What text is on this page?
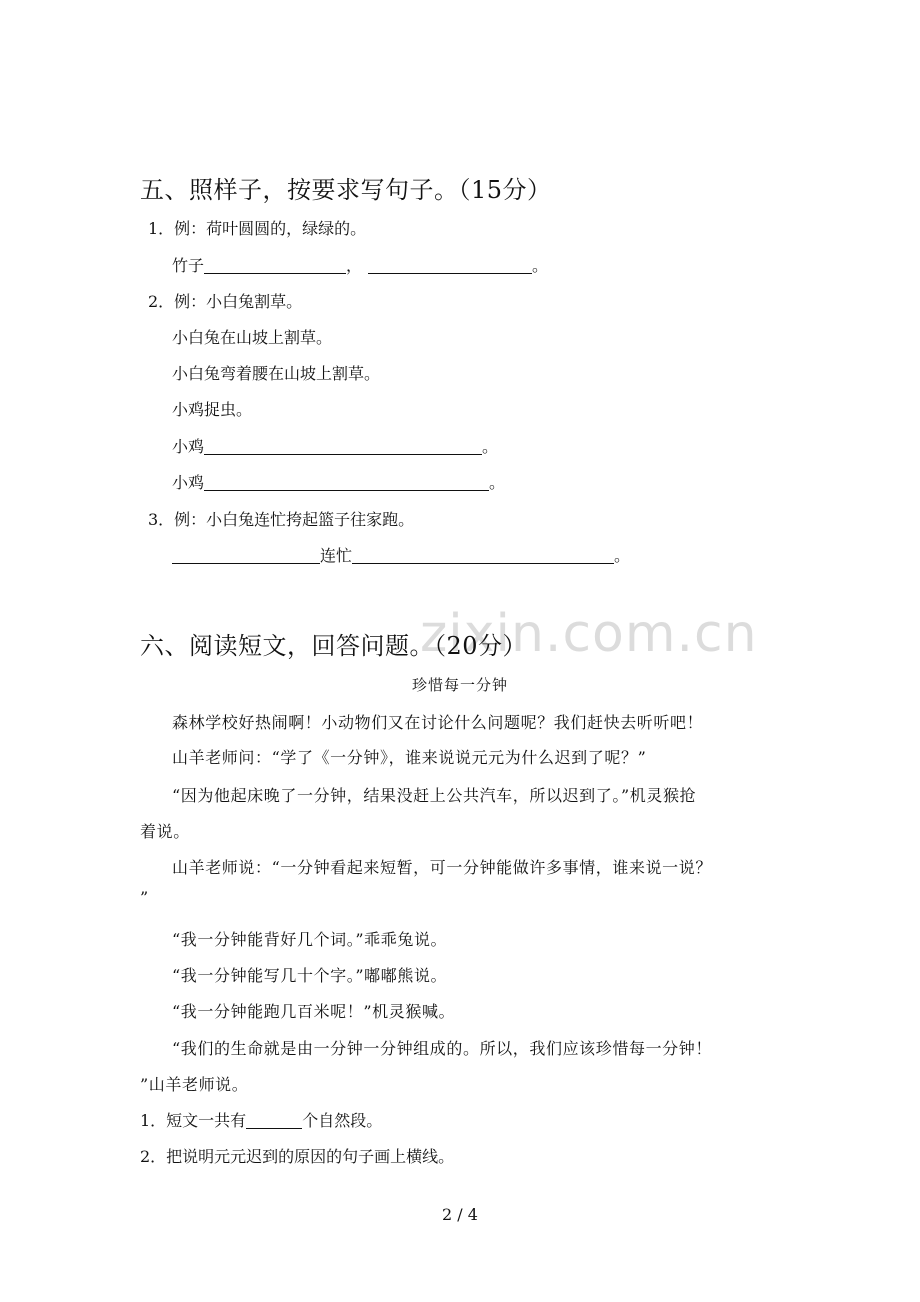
五、照样子，按要求写句子。（15分）
1．例：荷叶圆圆的，绿绿的。
竹子	，	。
2．例：小白兔割草。
小白兔在山坡上割草。
小白兔弯着腰在山坡上割草。
小鸡捉虫。
小鸡	。
小鸡	。
3．例：小白兔连忙挎起篮子往家跑。
连忙	。
zixin.com.cn
六、阅读短文，回答问题。（20分）
珍惜每一分钟
森林学校好热闹啊！小动物们又在讨论什么问题呢？我们赶快去听听吧！
山羊老师问：“学了《一分钟》，谁来说说元元为什么迟到了呢？”
“因为他起床晚了一分钟，结果没赶上公共汽车，所以迟到了。”机灵猴抢
着说。
山羊老师说：“一分钟看起来短暂，可一分钟能做许多事情，谁来说一说？
”
“我一分钟能背好几个词。”乖乖兔说。
“我一分钟能写几十个字。”嘟嘟熊说。
“我一分钟能跑几百米呢！”机灵猴喊。
“我们的生命就是由一分钟一分钟组成的。所以，我们应该珍惜每一分钟！
”山羊老师说。
1．短文一共有	个自然段。
2．把说明元元迟到的原因的句子画上横线。
2 / 4
